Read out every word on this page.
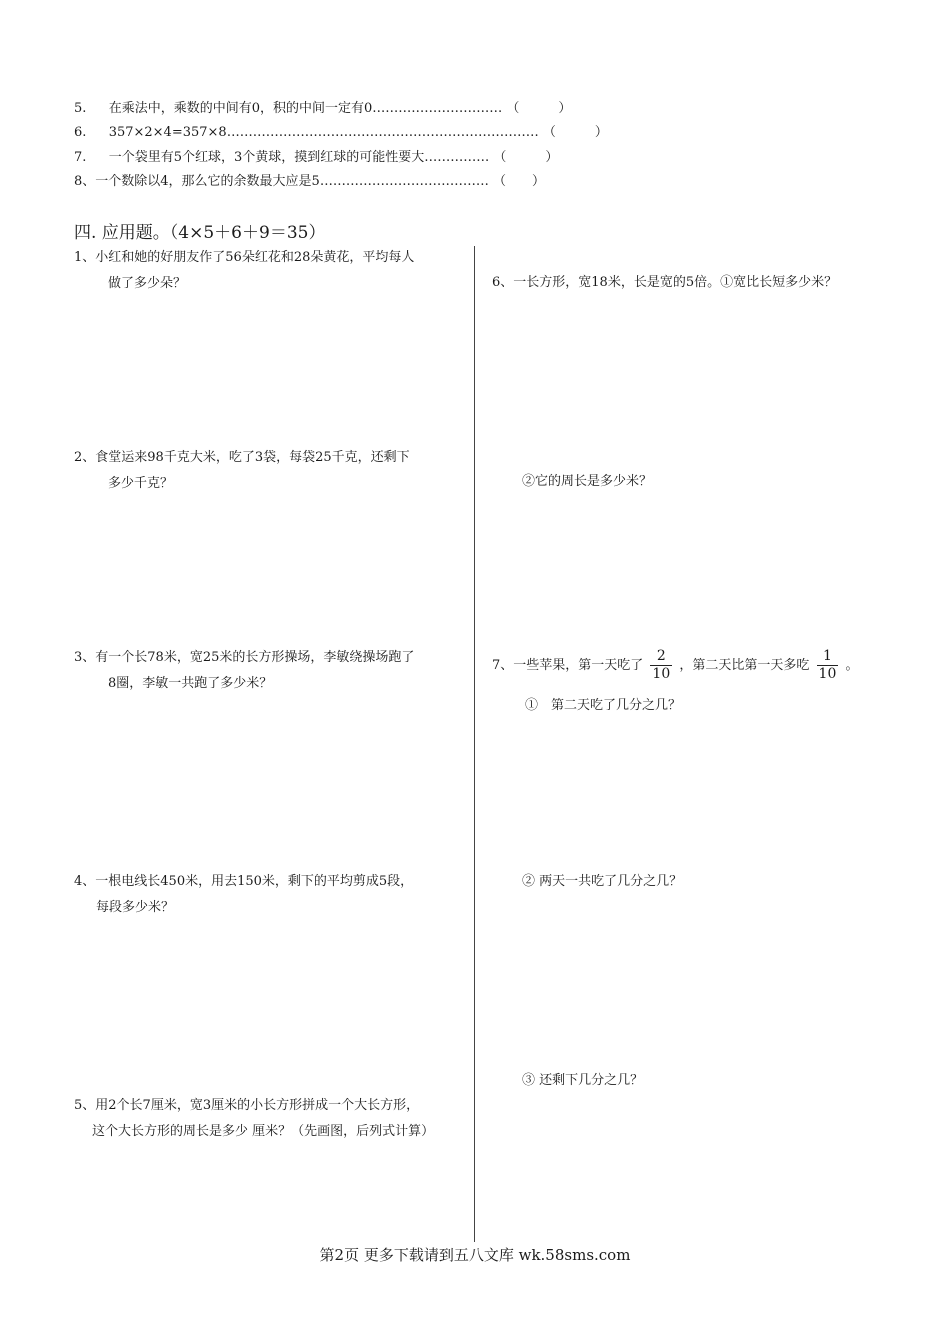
5. 在乘法中，乘数的中间有0，积的中间一定有0………………………… （　　　）
6. 357×2×4=357×8……………………………………………………………… （　　　）
7. 一个袋里有5个红球，3个黄球，摸到红球的可能性要大…………… （　　　）
8、一个数除以4，那么它的余数最大应是5………………………………… （　　）
四. 应用题。（4×5＋6＋9＝35）
1、小红和她的好朋友作了56朵红花和28朵黄花，平均每人
做了多少朵？
2、食堂运来98千克大米，吃了3袋，每袋25千克，还剩下
多少千克？
3、有一个长78米，宽25米的长方形操场，李敏绕操场跑了
8圈，李敏一共跑了多少米？
4、一根电线长450米，用去150米，剩下的平均剪成5段，
每段多少米？
5、用2个长7厘米，宽3厘米的小长方形拼成一个大长方形，
这个大长方形的周长是多少 厘米？（先画图，后列式计算）
6、一长方形，宽18米，长是宽的5倍。①宽比长短多少米？
②它的周长是多少米？
7、一些苹果，第一天吃了 $\frac{2}{10}$ ，第二天比第一天多吃 $\frac{1}{10}$ 。
①　第二天吃了几分之几？
② 两天一共吃了几分之几？
③ 还剩下几分之几？
第2页 更多下载请到五八文库 wk.58sms.com
